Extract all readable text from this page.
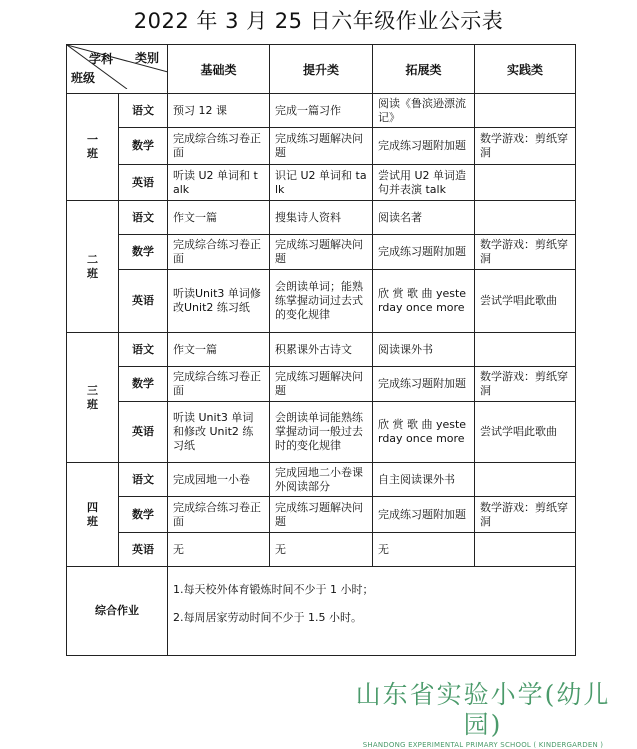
2022 年 3 月 25 日六年级作业公示表
类别
学科
班级		基础类	提升类	拓展类	实践类

一
班	语文	预习 12 课	完成一篇习作	阅读《鲁滨逊漂流记》	
	数学	完成综合练习卷正面	完成练习题解决问题	完成练习题附加题	数学游戏：剪纸穿洞
	英语	听读 U2 单词和 talk	识记 U2 单词和 talk	尝试用 U2 单词造句并表演 talk	

二
班	语文	作文一篇	搜集诗人资料	阅读名著	
	数学	完成综合练习卷正面	完成练习题解决问题	完成练习题附加题	数学游戏：剪纸穿洞
	英语	听读Unit3 单词修改Unit2 练习纸	会朗读单词；能熟练掌握动词过去式的变化规律	欣 赏 歌 曲 yesterday once more	尝试学唱此歌曲

三
班	语文	作文一篇	积累课外古诗文	阅读课外书	
	数学	完成综合练习卷正面	完成练习题解决问题	完成练习题附加题	数学游戏：剪纸穿洞
	英语	听读 Unit3 单词和修改 Unit2 练习纸	会朗读单词能熟练掌握动词一般过去时的变化规律	欣 赏 歌 曲 yesterday once more	尝试学唱此歌曲

四
班	语文	完成园地一小卷	完成园地二小卷课外阅读部分	自主阅读课外书	
	数学	完成综合练习卷正面	完成练习题解决问题	完成练习题附加题	数学游戏：剪纸穿洞
	英语	无	无	无	
综合作业		1.每天校外体育锻炼时间不少于 1 小时；
2.每周居家劳动时间不少于 1.5 小时。			
山东省实验小学(幼儿园)
SHANDONG EXPERIMENTAL PRIMARY SCHOOL ( KINDERGARDEN )
